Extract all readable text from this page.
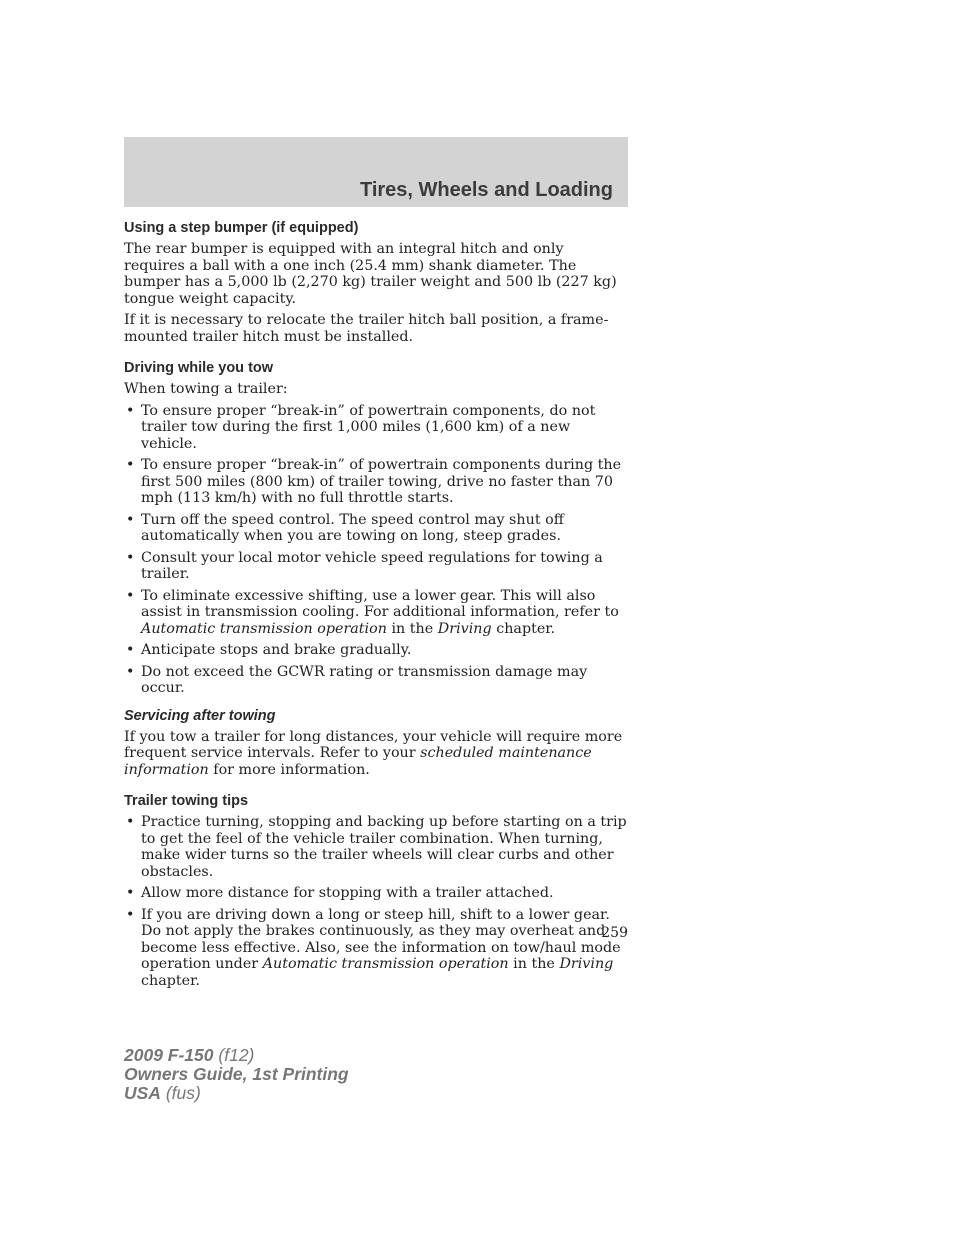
Tires, Wheels and Loading
Using a step bumper (if equipped)

The rear bumper is equipped with an integral hitch and only requires a ball with a one inch (25.4 mm) shank diameter. The bumper has a 5,000 lb (2,270 kg) trailer weight and 500 lb (227 kg) tongue weight capacity.

If it is necessary to relocate the trailer hitch ball position, a frame-mounted trailer hitch must be installed.

Driving while you tow

When towing a trailer:

• To ensure proper “break-in” of powertrain components, do not trailer tow during the first 1,000 miles (1,600 km) of a new vehicle.
• To ensure proper “break-in” of powertrain components during the first 500 miles (800 km) of trailer towing, drive no faster than 70 mph (113 km/h) with no full throttle starts.
• Turn off the speed control. The speed control may shut off automatically when you are towing on long, steep grades.
• Consult your local motor vehicle speed regulations for towing a trailer.
• To eliminate excessive shifting, use a lower gear. This will also assist in transmission cooling. For additional information, refer to Automatic transmission operation in the Driving chapter.
• Anticipate stops and brake gradually.
• Do not exceed the GCWR rating or transmission damage may occur.
Servicing after towing

If you tow a trailer for long distances, your vehicle will require more frequent service intervals. Refer to your scheduled maintenance information for more information.

Trailer towing tips
• Practice turning, stopping and backing up before starting on a trip to get the feel of the vehicle trailer combination. When turning, make wider turns so the trailer wheels will clear curbs and other obstacles.
• Allow more distance for stopping with a trailer attached.
• If you are driving down a long or steep hill, shift to a lower gear. Do not apply the brakes continuously, as they may overheat and become less effective. Also, see the information on tow/haul mode operation under Automatic transmission operation in the Driving chapter.
259
2009 F-150 (f12)
Owners Guide, 1st Printing
USA (fus)
